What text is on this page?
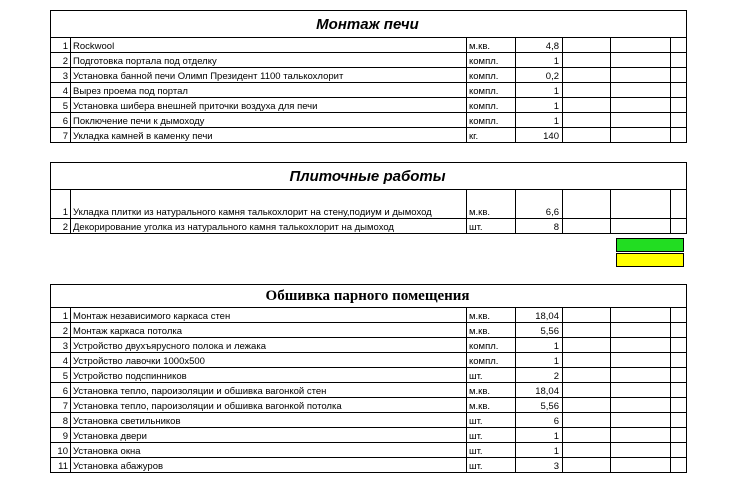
Монтаж печи						
1	Rockwool	м.кв.	4,8			
2	Подготовка портала под отделку	компл.	1			
3	Установка банной печи Олимп Президент 1100 талькохлорит	компл.	0,2			
4	Вырез проема под портал	компл.	1			
5	Установка шибера внешней приточки воздуха для печи	компл.	1			
6	Поключение печи к дымоходу	компл.	1			
7	Укладка камней в каменку печи	кг.	140			
Плиточные работы						
1	Укладка плитки из натурального камня талькохлорит на стену,подиум и дымоход	м.кв.	6,6			
2	Декорирование уголка из натурального камня талькохлорит на дымоход	шт.	8			
Обшивка парного помещения						
1	Монтаж независимого каркаса стен	м.кв.	18,04			
2	Монтаж каркаса потолка	м.кв.	5,56			
3	Устройство двухъярусного полока и лежака	компл.	1			
4	Устройство лавочки 1000х500	компл.	1			
5	Устройство подспинников	шт.	2			
6	Установка тепло, пароизоляции и обшивка вагонкой стен	м.кв.	18,04			
7	Установка тепло, пароизоляции и обшивка вагонкой потолка	м.кв.	5,56			
8	Установка светильников	шт.	6			
9	Установка двери	шт.	1			
10	Установка окна	шт.	1			
11	Установка абажуров	шт.	3			
